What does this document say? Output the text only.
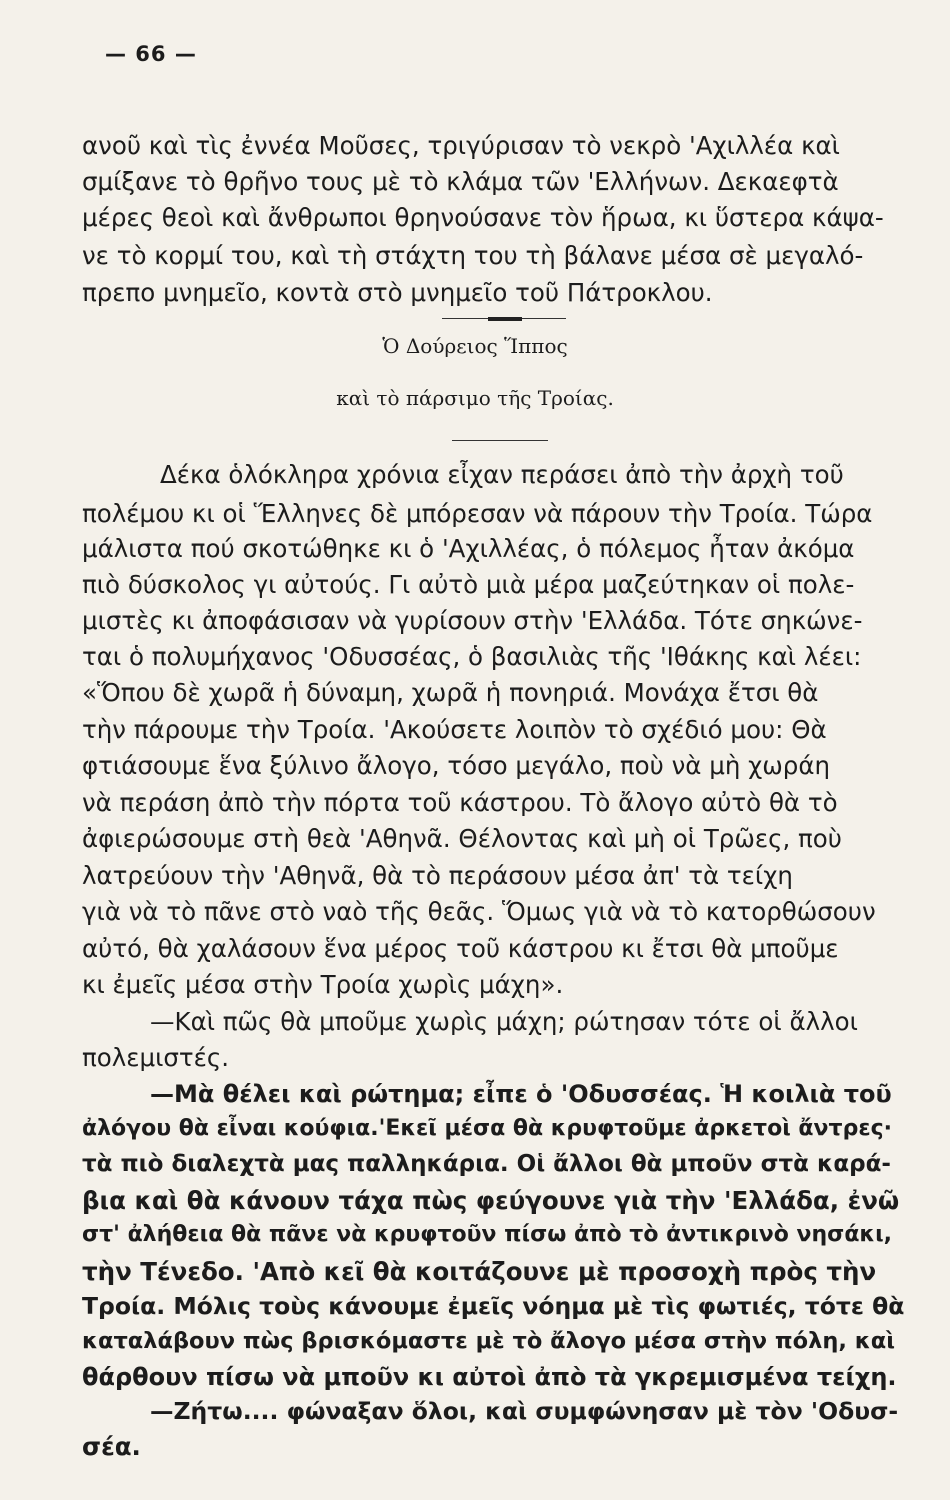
— 66 —
ανοῦ καὶ τὶς ἐννέα Μοῦσες, τριγύρισαν τὸ νεκρὸ 'Αχιλλέα καὶ
σμίξανε τὸ θρῆνο τους μὲ τὸ κλάμα τῶν 'Ελλήνων. Δεκαεφτὰ
μέρες θεοὶ καὶ ἄνθρωποι θρηνούσανε τὸν ἥρωα, κι ὕστερα κάψα-
νε τὸ κορμί του, καὶ τὴ στάχτη του τὴ βάλανε μέσα σὲ μεγαλό-
πρεπο μνημεῖο, κοντὰ στὸ μνημεῖο τοῦ Πάτροκλου.
Ὁ Δούρειος Ἵππος
καὶ τὸ πάρσιμο τῆς Τροίας.
Δέκα ὁλόκληρα χρόνια εἶχαν περάσει ἀπὸ τὴν ἀρχὴ τοῦ
πολέμου κι οἱ Ἕλληνες δὲ μπόρεσαν νὰ πάρουν τὴν Τροία. Τώρα
μάλιστα πού σκοτώθηκε κι ὁ 'Αχιλλέας, ὁ πόλεμος ἦταν ἀκόμα
πιὸ δύσκολος γι αὐτούς. Γι αὐτὸ μιὰ μέρα μαζεύτηκαν οἱ πολε-
μιστὲς κι ἀποφάσισαν νὰ γυρίσουν στὴν 'Ελλάδα. Τότε σηκώνε-
ται ὁ πολυμήχανος 'Οδυσσέας, ὁ βασιλιὰς τῆς 'Ιθάκης καὶ λέει:
«Ὅπου δὲ χωρᾶ ἡ δύναμη, χωρᾶ ἡ πονηριά. Μονάχα ἔτσι θὰ
τὴν πάρουμε τὴν Τροία. 'Ακούσετε λοιπὸν τὸ σχέδιό μου: Θὰ
φτιάσουμε ἕνα ξύλινο ἄλογο, τόσο μεγάλο, ποὺ νὰ μὴ χωράη
νὰ περάση ἀπὸ τὴν πόρτα τοῦ κάστρου. Τὸ ἄλογο αὐτὸ θὰ τὸ
ἀφιερώσουμε στὴ θεὰ 'Αθηνᾶ. Θέλοντας καὶ μὴ οἱ Τρῶες, ποὺ
λατρεύουν τὴν 'Αθηνᾶ, θὰ τὸ περάσουν μέσα ἀπ' τὰ τείχη
γιὰ νὰ τὸ πᾶνε στὸ ναὸ τῆς θεᾶς. Ὅμως γιὰ νὰ τὸ κατορθώσουν
αὐτό, θὰ χαλάσουν ἕνα μέρος τοῦ κάστρου κι ἔτσι θὰ μποῦμε
κι ἐμεῖς μέσα στὴν Τροία χωρὶς μάχη».
—Καὶ πῶς θὰ μποῦμε χωρὶς μάχη; ρώτησαν τότε οἱ ἄλλοι
πολεμιστές.
—Μὰ θέλει καὶ ρώτημα; εἶπε ὁ 'Οδυσσέας. Ἡ κοιλιὰ τοῦ
ἀλόγου θὰ εἶναι κούφια.'Εκεῖ μέσα θὰ κρυφτοῦμε ἀρκετοὶ ἄντρες·
τὰ πιὸ διαλεχτὰ μας παλληκάρια. Οἱ ἄλλοι θὰ μποῦν στὰ καρά-
βια καὶ θὰ κάνουν τάχα πὼς φεύγουνε γιὰ τὴν 'Ελλάδα, ἐνῶ
στ' ἀλήθεια θὰ πᾶνε νὰ κρυφτοῦν πίσω ἀπὸ τὸ ἀντικρινὸ νησάκι,
τὴν Τένεδο. 'Απὸ κεῖ θὰ κοιτάζουνε μὲ προσοχὴ πρὸς τὴν
Τροία. Μόλις τοὺς κάνουμε ἐμεῖς νόημα μὲ τὶς φωτιές, τότε θὰ
καταλάβουν πὼς βρισκόμαστε μὲ τὸ ἄλογο μέσα στὴν πόλη, καὶ
θάρθουν πίσω νὰ μποῦν κι αὐτοὶ ἀπὸ τὰ γκρεμισμένα τείχη.
—Ζήτω.... φώναξαν ὅλοι, καὶ συμφώνησαν μὲ τὸν 'Οδυσ-
σέα.
